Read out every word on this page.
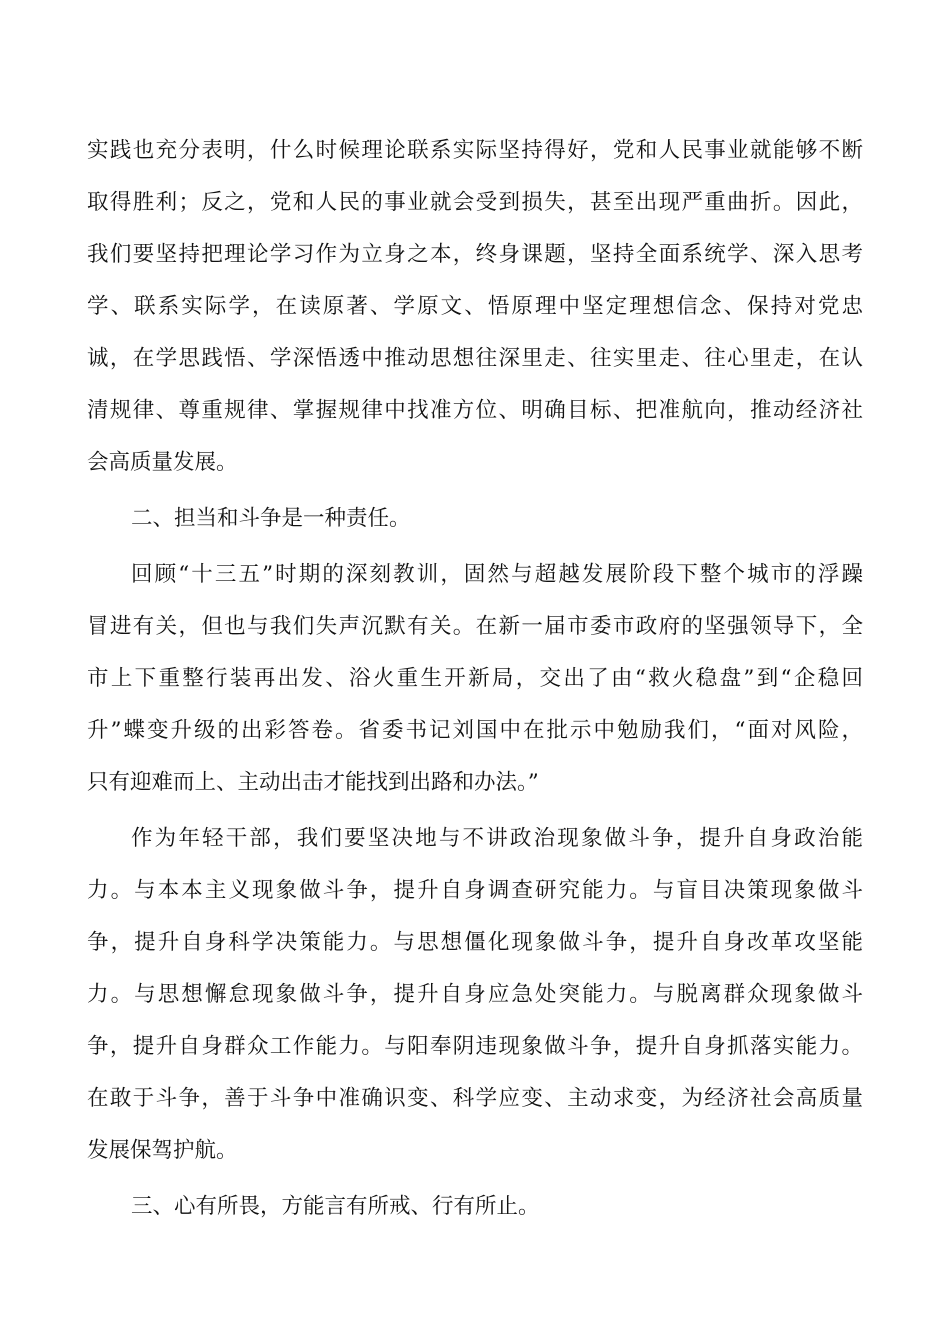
实践也充分表明，什么时候理论联系实际坚持得好，党和人民事业就能够不断
取得胜利；反之，党和人民的事业就会受到损失，甚至出现严重曲折。因此，
我们要坚持把理论学习作为立身之本，终身课题，坚持全面系统学、深入思考
学、联系实际学，在读原著、学原文、悟原理中坚定理想信念、保持对党忠
诚，在学思践悟、学深悟透中推动思想往深里走、往实里走、往心里走，在认
清规律、尊重规律、掌握规律中找准方位、明确目标、把准航向，推动经济社
会高质量发展。
二、担当和斗争是一种责任。
回顾“十三五”时期的深刻教训，固然与超越发展阶段下整个城市的浮躁
冒进有关，但也与我们失声沉默有关。在新一届市委市政府的坚强领导下，全
市上下重整行装再出发、浴火重生开新局，交出了由“救火稳盘”到“企稳回
升”蝶变升级的出彩答卷。省委书记刘国中在批示中勉励我们，“面对风险，
只有迎难而上、主动出击才能找到出路和办法。”
作为年轻干部，我们要坚决地与不讲政治现象做斗争，提升自身政治能
力。与本本主义现象做斗争，提升自身调查研究能力。与盲目决策现象做斗
争，提升自身科学决策能力。与思想僵化现象做斗争，提升自身改革攻坚能
力。与思想懈怠现象做斗争，提升自身应急处突能力。与脱离群众现象做斗
争，提升自身群众工作能力。与阳奉阴违现象做斗争，提升自身抓落实能力。
在敢于斗争，善于斗争中准确识变、科学应变、主动求变，为经济社会高质量
发展保驾护航。
三、心有所畏，方能言有所戒、行有所止。
